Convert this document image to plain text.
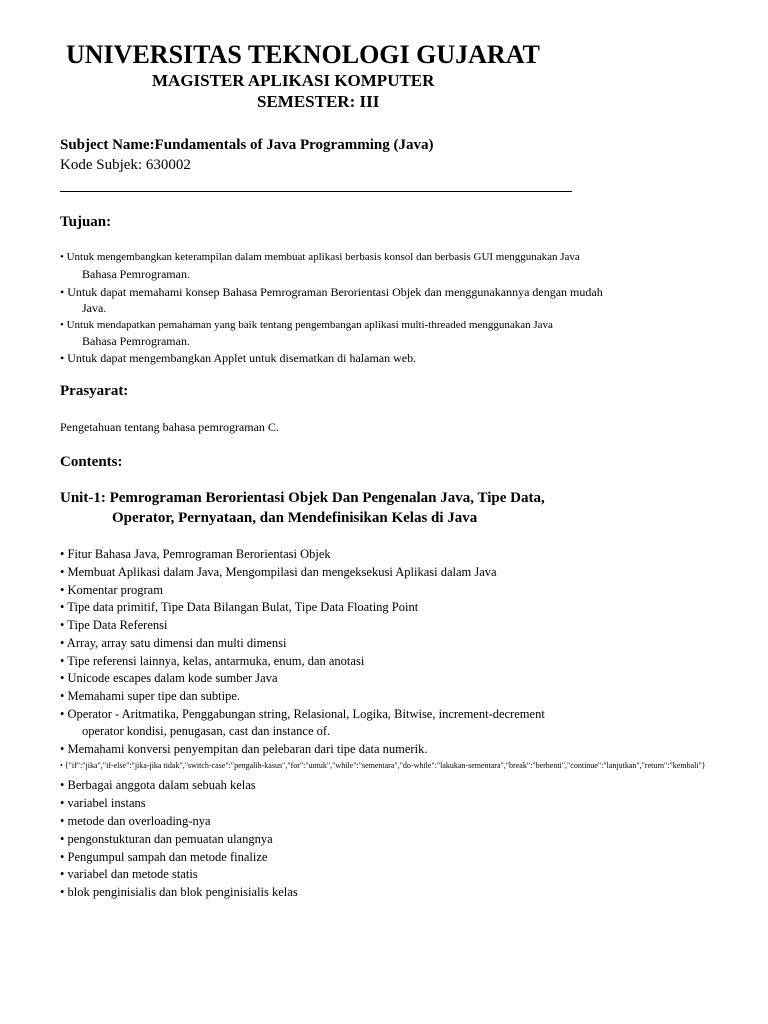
UNIVERSITAS TEKNOLOGI GUJARAT
MAGISTER APLIKASI KOMPUTER
SEMESTER: III
Subject Name:Fundamentals of Java Programming (Java)
Kode Subjek: 630002
Tujuan:
• Untuk mengembangkan keterampilan dalam membuat aplikasi berbasis konsol dan berbasis GUI menggunakan Java
Bahasa Pemrograman.
• Untuk dapat memahami konsep Bahasa Pemrograman Berorientasi Objek dan menggunakannya dengan mudah
Java.
• Untuk mendapatkan pemahaman yang baik tentang pengembangan aplikasi multi-threaded menggunakan Java
Bahasa Pemrograman.
• Untuk dapat mengembangkan Applet untuk disematkan di halaman web.
Prasyarat:
Pengetahuan tentang bahasa pemrograman C.
Contents:
Unit-1: Pemrograman Berorientasi Objek Dan Pengenalan Java, Tipe Data,
Operator, Pernyataan, dan Mendefinisikan Kelas di Java
• Fitur Bahasa Java, Pemrograman Berorientasi Objek
• Membuat Aplikasi dalam Java, Mengompilasi dan mengeksekusi Aplikasi dalam Java
• Komentar program
• Tipe data primitif, Tipe Data Bilangan Bulat, Tipe Data Floating Point
• Tipe Data Referensi
• Array, array satu dimensi dan multi dimensi
• Tipe referensi lainnya, kelas, antarmuka, enum, dan anotasi
• Unicode escapes dalam kode sumber Java
• Memahami super tipe dan subtipe.
• Operator - Aritmatika, Penggabungan string, Relasional, Logika, Bitwise, increment-decrement
operator kondisi, penugasan, cast dan instance of.
• Memahami konversi penyempitan dan pelebaran dari tipe data numerik.
• {"if":"jika","if-else":"jika-jika tidak","switch-case":"pengalih-kasus","for":"untuk","while":"sementara","do-while":"lakukan-sementara","break":"berhenti","continue":"lanjutkan","return":"kembali"}
• Berbagai anggota dalam sebuah kelas
• variabel instans
• metode dan overloading-nya
• pengonstukturan dan pemuatan ulangnya
• Pengumpul sampah dan metode finalize
• variabel dan metode statis
• blok penginisialis dan blok penginisialis kelas
